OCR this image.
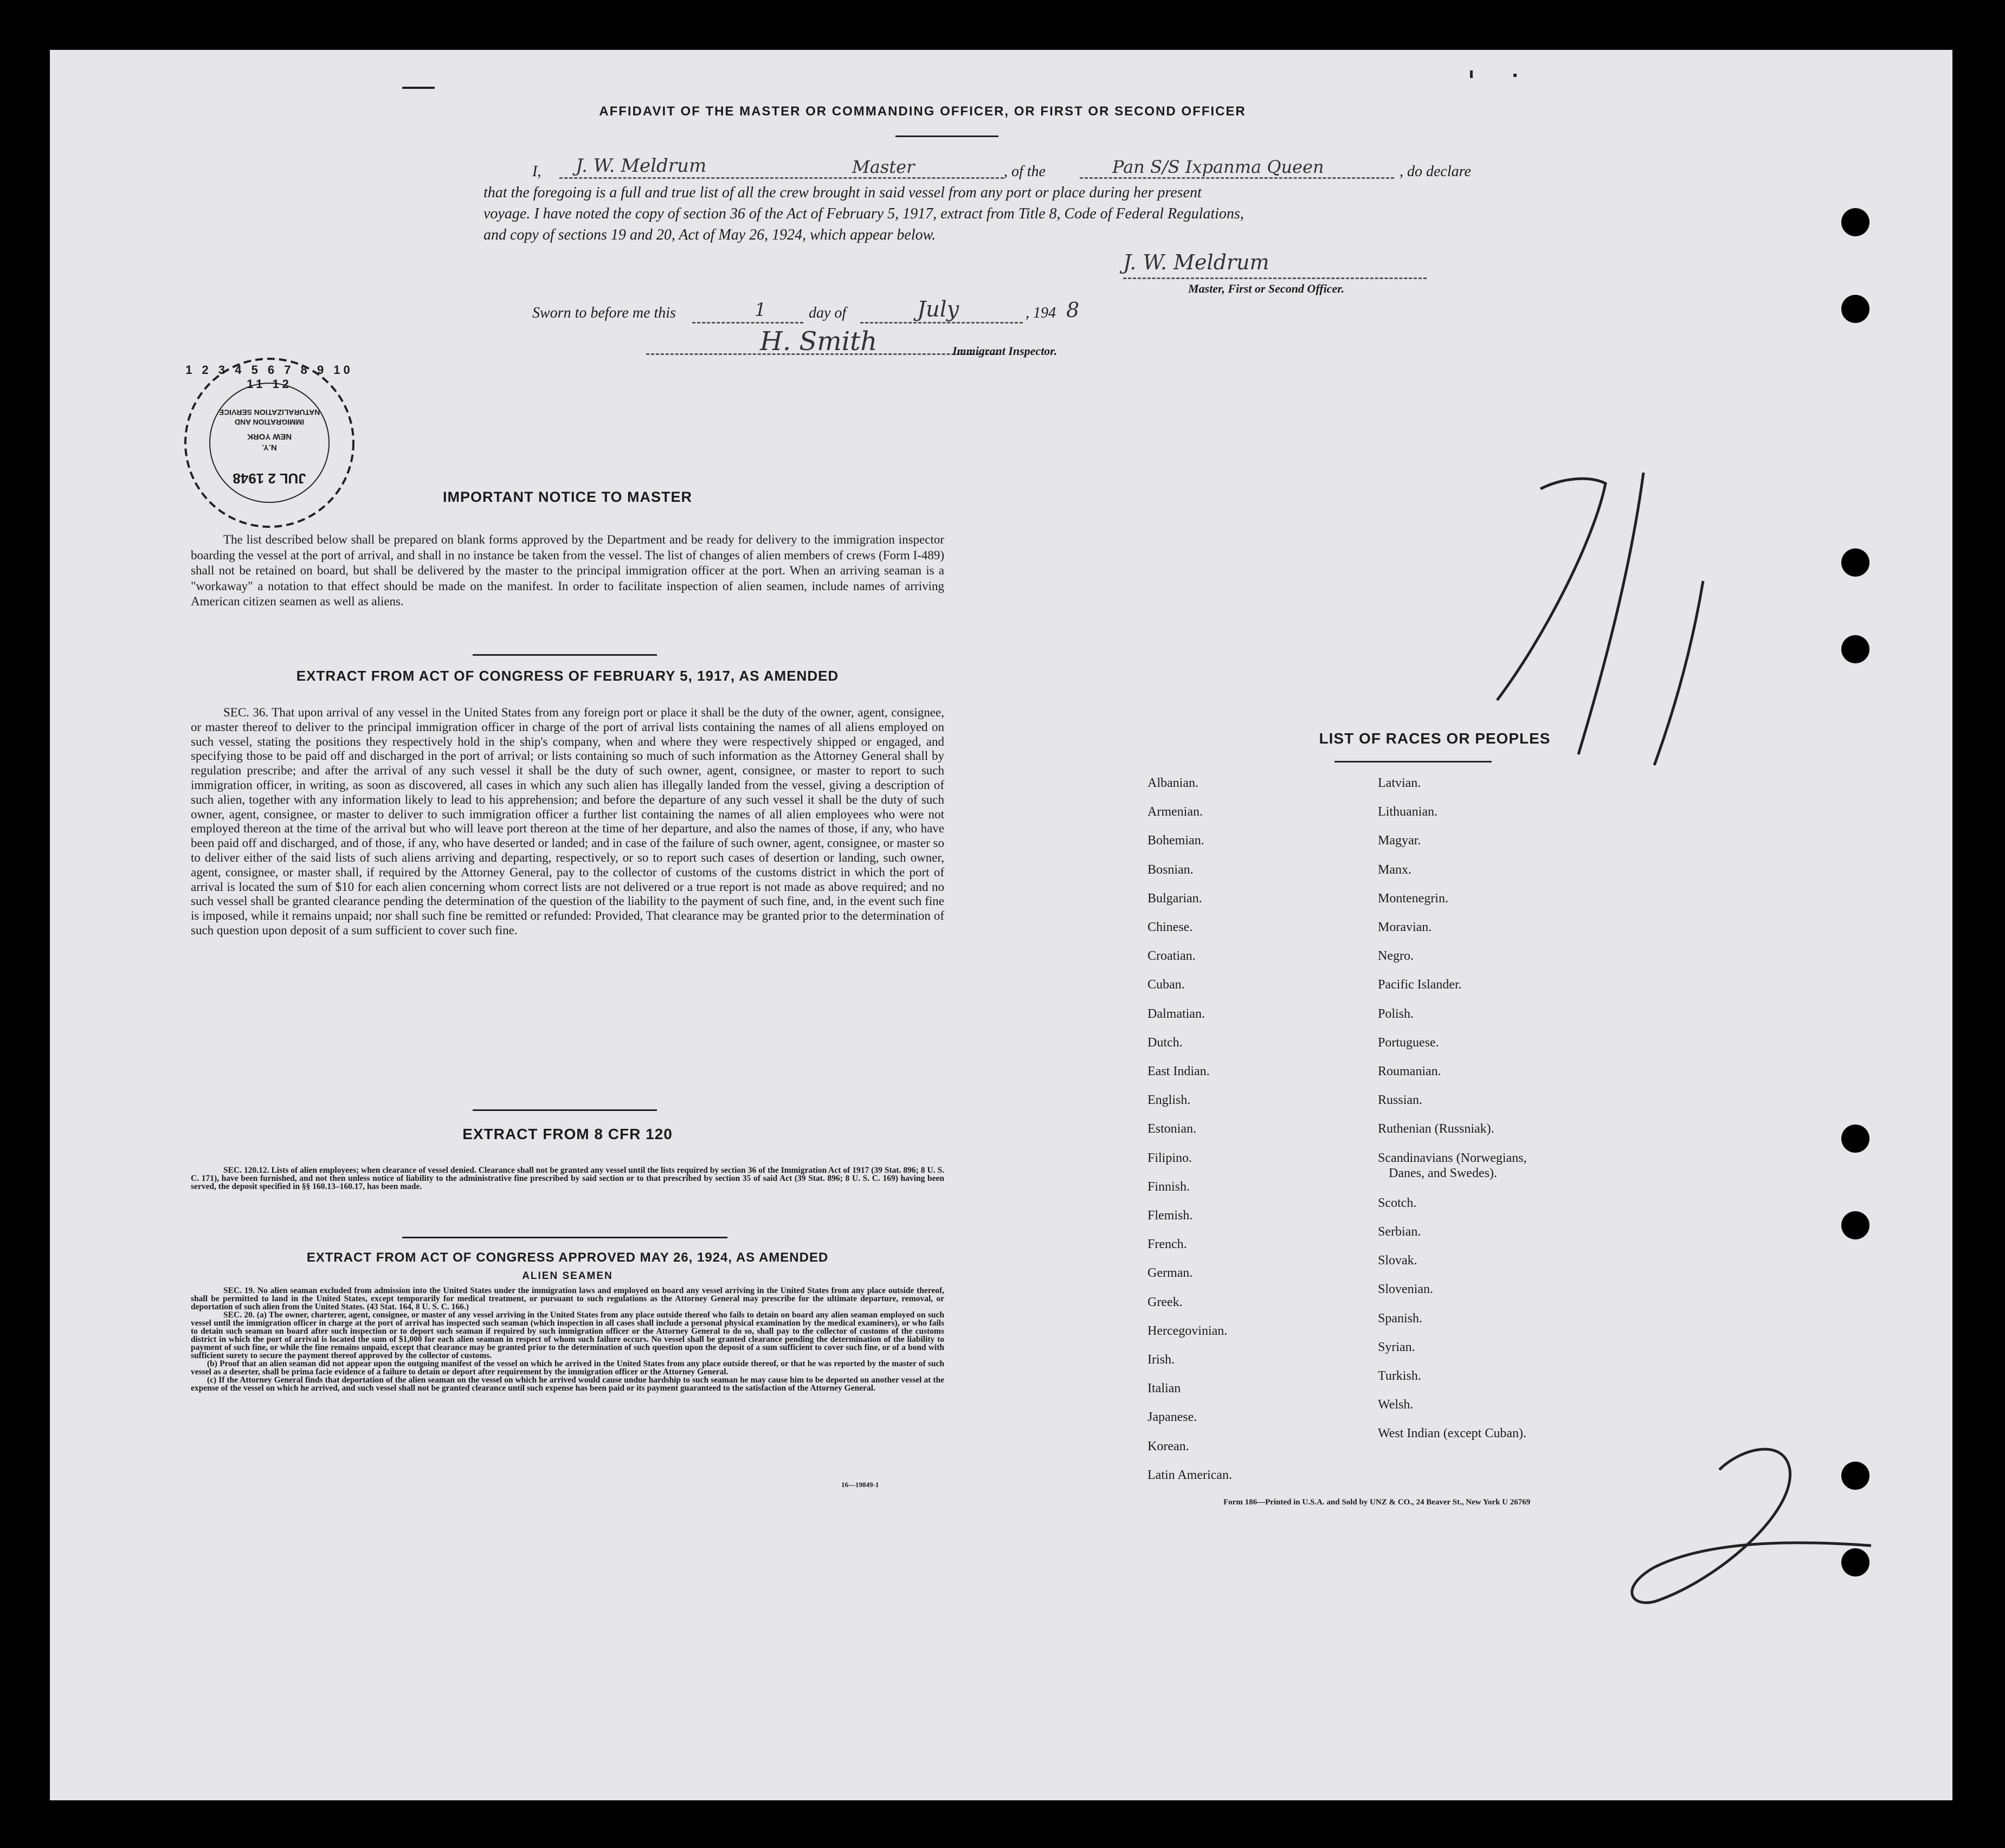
AFFIDAVIT OF THE MASTER OR COMMANDING OFFICER, OR FIRST OR SECOND OFFICER
I, J. W. Meldrum	Master	, of the	Pan S/S Ixpanma Queen	, do declare
that the foregoing is a full and true list of all the crew brought in said vessel from any port or place during her present
voyage. I have noted the copy of section 36 of the Act of February 5, 1917, extract from Title 8, Code of Federal Regulations,
and copy of sections 19 and 20, Act of May 26, 1924, which appear below.
J. W. Meldrum
Master, First or Second Officer.
Sworn to before me this	1	day of	July	, 194 8
H. Smith	Immigrant Inspector.
1 2 3 4 5 6 7 8 9 10 11 12
IMMIGRATION AND NATURALIZATION SERVICE
NEW YORK
N.Y.
JUL 2 1948
IMPORTANT NOTICE TO MASTER
The list described below shall be prepared on blank forms approved by the Department and be ready for delivery to the immigration inspector boarding the vessel at the port of arrival, and shall in no instance be taken from the vessel. The list of changes of alien members of crews (Form I-489) shall not be retained on board, but shall be delivered by the master to the principal immigration officer at the port. When an arriving seaman is a "workaway" a notation to that effect should be made on the manifest. In order to facilitate inspection of alien seamen, include names of arriving American citizen seamen as well as aliens.
EXTRACT FROM ACT OF CONGRESS OF FEBRUARY 5, 1917, AS AMENDED
SEC. 36. That upon arrival of any vessel in the United States from any foreign port or place it shall be the duty of the owner, agent, consignee, or master thereof to deliver to the principal immigration officer in charge of the port of arrival lists containing the names of all aliens employed on such vessel, stating the positions they respectively hold in the ship's company, when and where they were respectively shipped or engaged, and specifying those to be paid off and discharged in the port of arrival; or lists containing so much of such information as the Attorney General shall by regulation prescribe; and after the arrival of any such vessel it shall be the duty of such owner, agent, consignee, or master to report to such immigration officer, in writing, as soon as discovered, all cases in which any such alien has illegally landed from the vessel, giving a description of such alien, together with any information likely to lead to his apprehension; and before the departure of any such vessel it shall be the duty of such owner, agent, consignee, or master to deliver to such immigration officer a further list containing the names of all alien employees who were not employed thereon at the time of the arrival but who will leave port thereon at the time of her departure, and also the names of those, if any, who have been paid off and discharged, and of those, if any, who have deserted or landed; and in case of the failure of such owner, agent, consignee, or master so to deliver either of the said lists of such aliens arriving and departing, respectively, or so to report such cases of desertion or landing, such owner, agent, consignee, or master shall, if required by the Attorney General, pay to the collector of customs of the customs district in which the port of arrival is located the sum of $10 for each alien concerning whom correct lists are not delivered or a true report is not made as above required; and no such vessel shall be granted clearance pending the determination of the question of the liability to the payment of such fine, and, in the event such fine is imposed, while it remains unpaid; nor shall such fine be remitted or refunded: Provided, That clearance may be granted prior to the determination of such question upon deposit of a sum sufficient to cover such fine.
EXTRACT FROM 8 CFR 120
SEC. 120.12. Lists of alien employees; when clearance of vessel denied. Clearance shall not be granted any vessel until the lists required by section 36 of the Immigration Act of 1917 (39 Stat. 896; 8 U. S. C. 171), have been furnished, and not then unless notice of liability to the administrative fine prescribed by said section or to that prescribed by section 35 of said Act (39 Stat. 896; 8 U. S. C. 169) having been served, the deposit specified in §§ 160.13–160.17, has been made.
EXTRACT FROM ACT OF CONGRESS APPROVED MAY 26, 1924, AS AMENDED
ALIEN SEAMEN
SEC. 19. No alien seaman excluded from admission into the United States under the immigration laws and employed on board any vessel arriving in the United States from any place outside thereof, shall be permitted to land in the United States, except temporarily for medical treatment, or pursuant to such regulations as the Attorney General may prescribe for the ultimate departure, removal, or deportation of such alien from the United States. (43 Stat. 164, 8 U. S. C. 166.)
SEC. 20. (a) The owner, charterer, agent, consignee, or master of any vessel arriving in the United States from any place outside thereof who fails to detain on board any alien seaman employed on such vessel until the immigration officer in charge at the port of arrival has inspected such seaman (which inspection in all cases shall include a personal physical examination by the medical examiners), or who fails to detain such seaman on board after such inspection or to deport such seaman if required by such immigration officer or the Attorney General to do so, shall pay to the collector of customs of the customs district in which the port of arrival is located the sum of $1,000 for each alien seaman in respect of whom such failure occurs. No vessel shall be granted clearance pending the determination of the liability to payment of such fine, or while the fine remains unpaid, except that clearance may be granted prior to the determination of such question upon the deposit of a sum sufficient to cover such fine, or of a bond with sufficient surety to secure the payment thereof approved by the collector of customs.
(b) Proof that an alien seaman did not appear upon the outgoing manifest of the vessel on which he arrived in the United States from any place outside thereof, or that he was reported by the master of such vessel as a deserter, shall be prima facie evidence of a failure to detain or deport after requirement by the immigration officer or the Attorney General.
(c) If the Attorney General finds that deportation of the alien seaman on the vessel on which he arrived would cause undue hardship to such seaman he may cause him to be deported on another vessel at the expense of the vessel on which he arrived, and such vessel shall not be granted clearance until such expense has been paid or its payment guaranteed to the satisfaction of the Attorney General.
16—19849-1
LIST OF RACES OR PEOPLES
Albanian.
Armenian.
Bohemian.
Bosnian.
Bulgarian.
Chinese.
Croatian.
Cuban.
Dalmatian.
Dutch.
East Indian.
English.
Estonian.
Filipino.
Finnish.
Flemish.
French.
German.
Greek.
Hercegovinian.
Irish.
Italian
Japanese.
Korean.
Latin American.
Latvian.
Lithuanian.
Magyar.
Manx.
Montenegrin.
Moravian.
Negro.
Pacific Islander.
Polish.
Portuguese.
Roumanian.
Russian.
Ruthenian (Russniak).
Scandinavians (Norwegians,
Danes, and Swedes).
Scotch.
Serbian.
Slovak.
Slovenian.
Spanish.
Syrian.
Turkish.
Welsh.
West Indian (except Cuban).
Form 186—Printed in U.S.A. and Sold by UNZ & CO., 24 Beaver St., New York U 26769
